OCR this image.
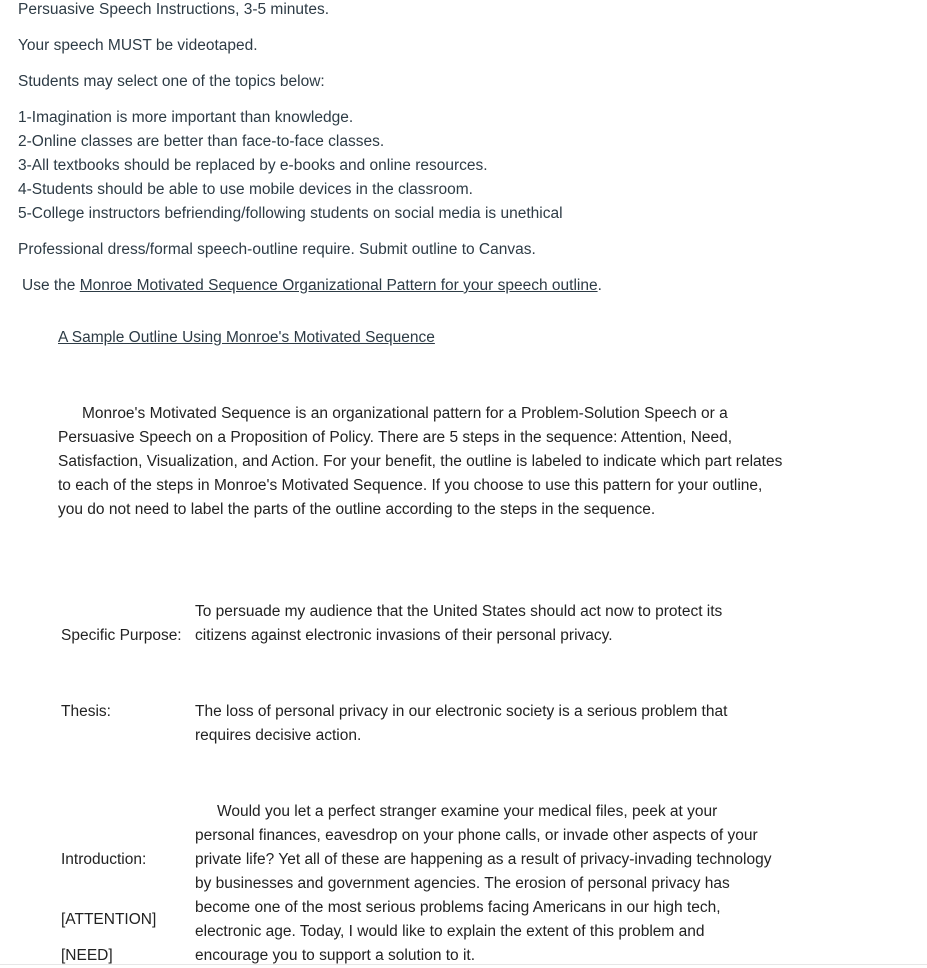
Persuasive Speech Instructions, 3-5 minutes.
Your speech MUST be videotaped.
Students may select one of the topics below:
1-Imagination is more important than knowledge.
2-Online classes are better than face-to-face classes.
3-All textbooks should be replaced by e-books and online resources.
4-Students should be able to use mobile devices in the classroom.
5-College instructors befriending/following students on social media is unethical
Professional dress/formal speech-outline require. Submit outline to Canvas.
Use the Monroe Motivated Sequence Organizational Pattern for your speech outline.
A Sample Outline Using Monroe's Motivated Sequence
Monroe's Motivated Sequence is an organizational pattern for a Problem-Solution Speech or a Persuasive Speech on a Proposition of Policy. There are 5 steps in the sequence: Attention, Need, Satisfaction, Visualization, and Action. For your benefit, the outline is labeled to indicate which part relates to each of the steps in Monroe's Motivated Sequence. If you choose to use this pattern for your outline, you do not need to label the parts of the outline according to the steps in the sequence.
Specific Purpose:
To persuade my audience that the United States should act now to protect its citizens against electronic invasions of their personal privacy.
Thesis:	The loss of personal privacy in our electronic society is a serious problem that requires decisive action.
Introduction:
[ATTENTION]
[NEED]
Would you let a perfect stranger examine your medical files, peek at your personal finances, eavesdrop on your phone calls, or invade other aspects of your private life? Yet all of these are happening as a result of privacy-invading technology by businesses and government agencies. The erosion of personal privacy has become one of the most serious problems facing Americans in our high tech, electronic age. Today, I would like to explain the extent of this problem and encourage you to support a solution to it.
